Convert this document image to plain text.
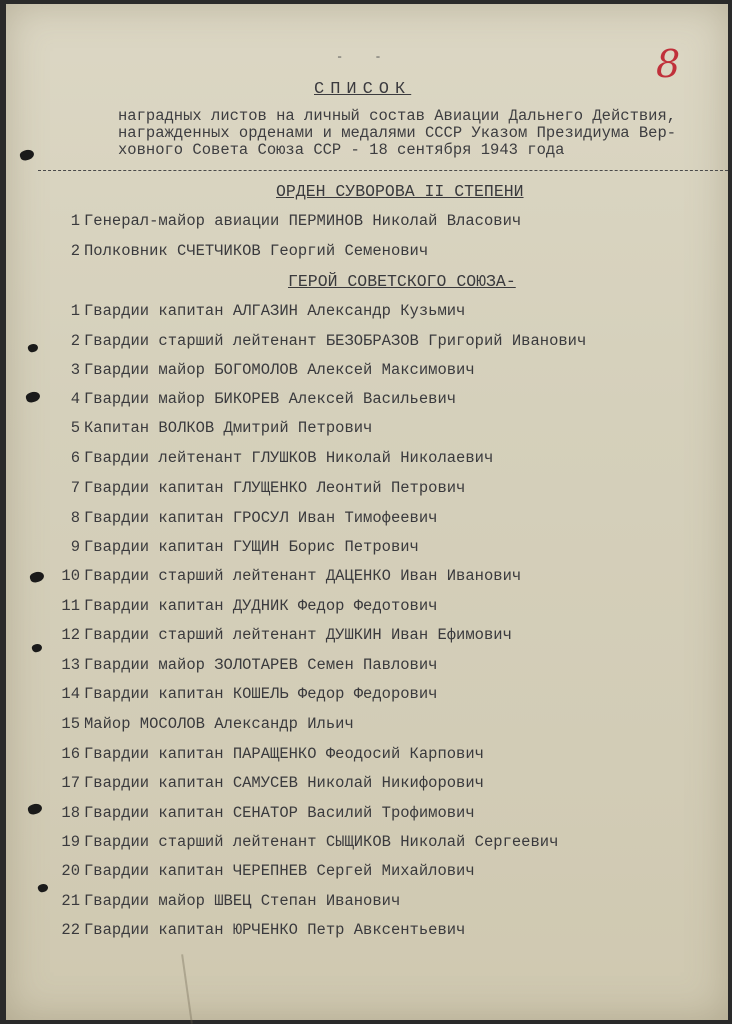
- -	8
СПИСОК
наградных листов на личный состав Авиации Дальнего Действия,
награжденных орденами и медалями СССР Указом Президиума Вер-
ховного Совета Союза ССР - 18 сентября 1943 года
ОРДЕН СУВОРОВА II СТЕПЕНИ
1 Генерал-майор авиации ПЕРМИНОВ Николай Власович
2 Полковник СЧЕТЧИКОВ Георгий Семенович
ГЕРОЙ СОВЕТСКОГО СОЮЗА-
1 Гвардии капитан АЛГАЗИН Александр Кузьмич
2 Гвардии старший лейтенант БЕЗОБРАЗОВ Григорий Иванович
3 Гвардии майор БОГОМОЛОВ Алексей Максимович
4 Гвардии майор БИКОРЕВ Алексей Васильевич
5 Капитан ВОЛКОВ Дмитрий Петрович
6 Гвардии лейтенант ГЛУШКОВ Николай Николаевич
7 Гвардии капитан ГЛУЩЕНКО Леонтий Петрович
8 Гвардии капитан ГРОСУЛ Иван Тимофеевич
9 Гвардии капитан ГУЩИН Борис Петрович
10 Гвардии старший лейтенант ДАЦЕНКО Иван Иванович
11 Гвардии капитан ДУДНИК Федор Федотович
12 Гвардии старший лейтенант ДУШКИН Иван Ефимович
13 Гвардии майор ЗОЛОТАРЕВ Семен Павлович
14 Гвардии капитан КОШЕЛЬ Федор Федорович
15 Майор МОСОЛОВ Александр Ильич
16 Гвардии капитан ПАРАЩЕНКО Феодосий Карпович
17 Гвардии капитан САМУСЕВ Николай Никифорович
18 Гвардии капитан СЕНАТОР Василий Трофимович
19 Гвардии старший лейтенант СЫЩИКОВ Николай Сергеевич
20 Гвардии капитан ЧЕРЕПНЕВ Сергей Михайлович
21 Гвардии майор ШВЕЦ Степан Иванович
22 Гвардии капитан ЮРЧЕНКО Петр Авксентьевич
